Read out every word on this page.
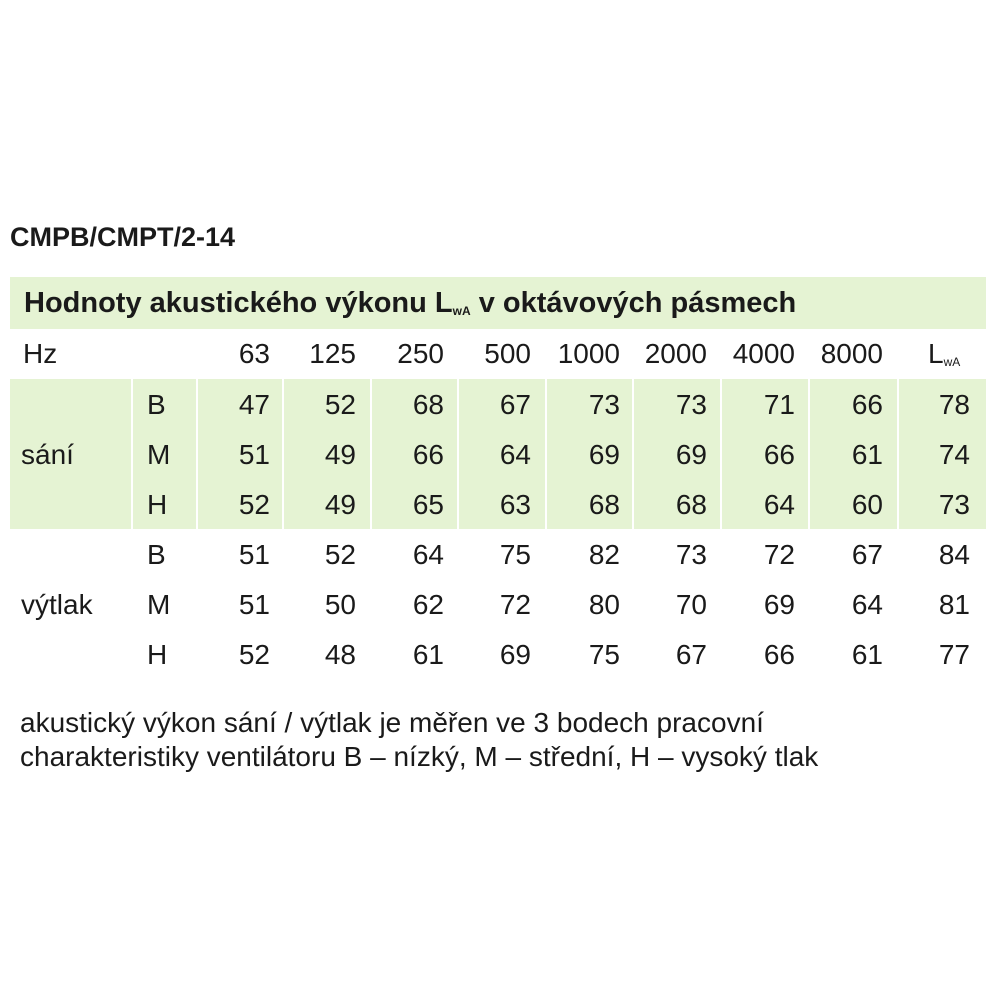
CMPB/CMPT/2-14
Hodnoty akustického výkonu $L_{wA}$ v oktávových pásmech
Hz	63	125	250	500 1000 2000 4000 8000 $L_{wA}$
sání
B	47	52	68	67	73	73	71	66	78
M	51	49	66	64	69	69	66	61	74
H	52	49	65	63	68	68	64	60	73
výtlak
B	51	52	64	75	82	73	72	67	84
M	51	50	62	72	80	70	69	64	81
H	52	48	61	69	75	67	66	61	77
akustický výkon sání / výtlak je měřen ve 3 bodech pracovní
charakteristiky ventilátoru B – nízký, M – střední, H – vysoký tlak
